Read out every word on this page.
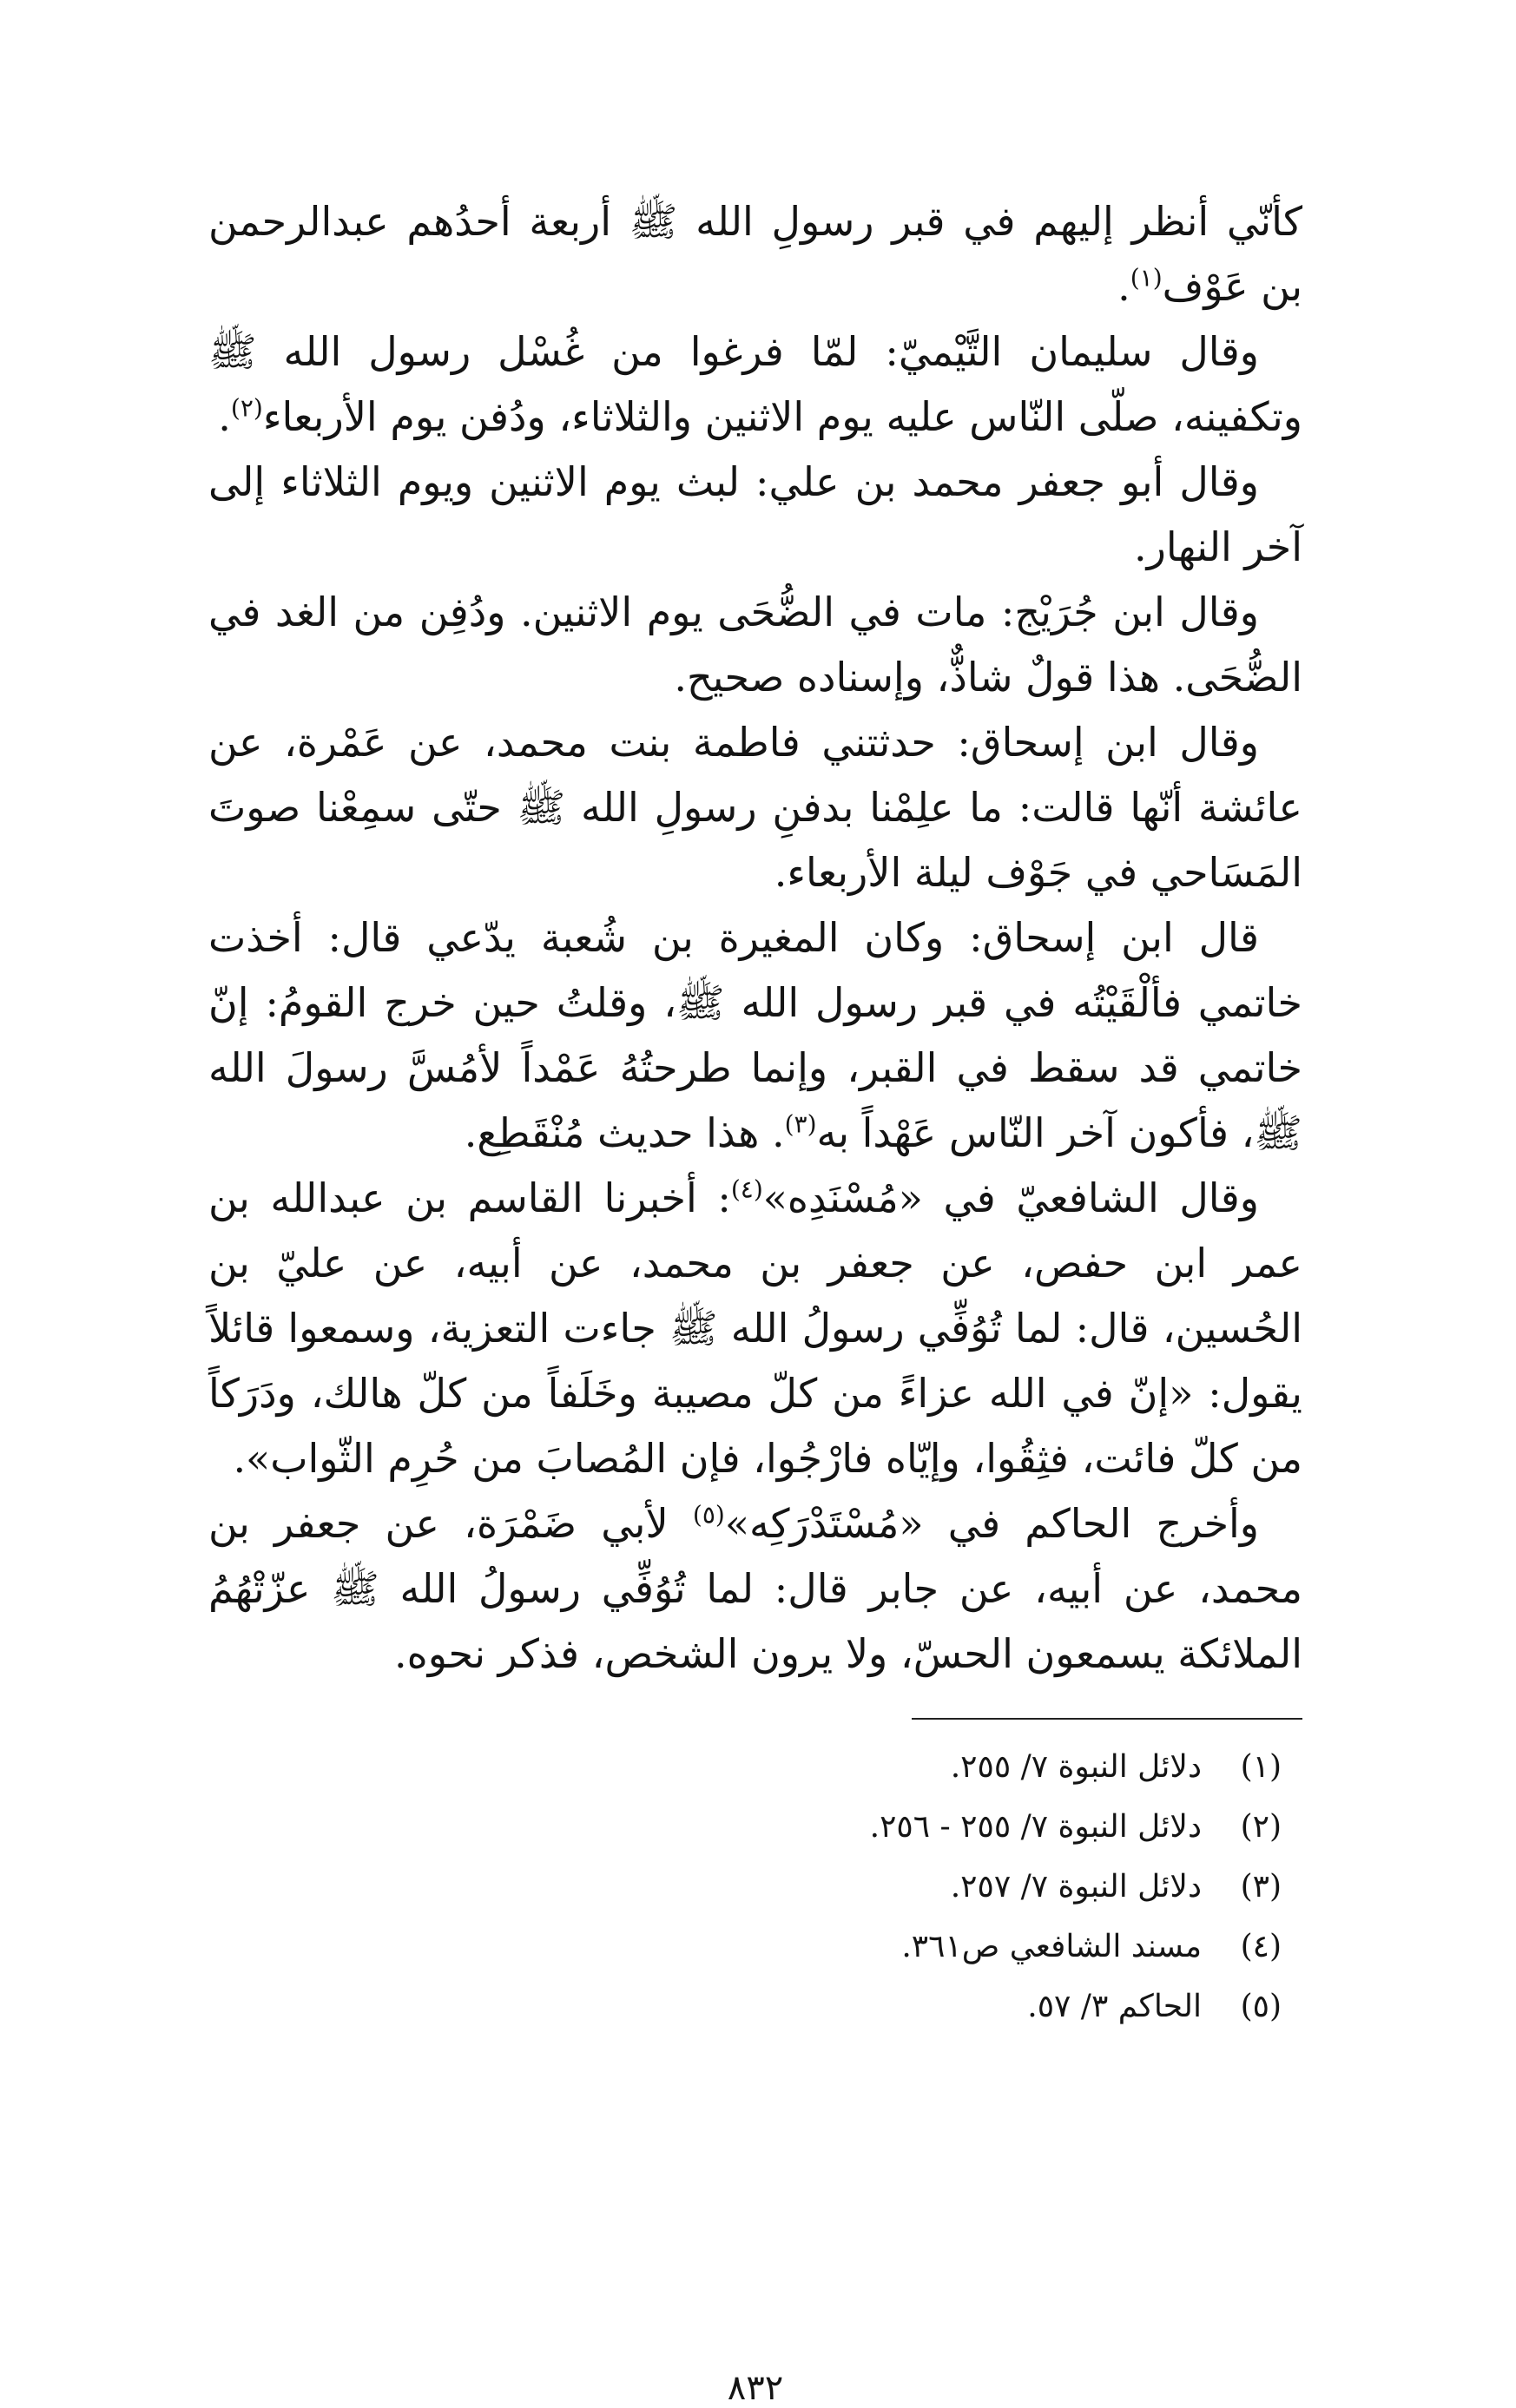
كأنّي أنظر إليهم في قبر رسولِ الله ﷺ أربعة أحدُهم عبدالرحمن بن عَوْف$^{(١)}$.

وقال سليمان التَّيْميّ: لمّا فرغوا من غُسْل رسول الله ﷺ وتكفينه، صلّى النّاس عليه يوم الاثنين والثلاثاء، ودُفن يوم الأربعاء$^{(٢)}$.

وقال أبو جعفر محمد بن علي: لبث يوم الاثنين ويوم الثلاثاء إلى آخر النهار.

وقال ابن جُرَيْج: مات في الضُّحَى يوم الاثنين. ودُفِن من الغد في الضُّحَى. هذا قولٌ شاذٌّ، وإسناده صحيح.

وقال ابن إسحاق: حدثتني فاطمة بنت محمد، عن عَمْرة، عن عائشة أنّها قالت: ما علِمْنا بدفنِ رسولِ الله ﷺ حتّى سمِعْنا صوتَ المَسَاحي في جَوْف ليلة الأربعاء.

قال ابن إسحاق: وكان المغيرة بن شُعبة يدّعي قال: أخذت خاتمي فألْقَيْتُه في قبر رسول الله ﷺ، وقلتُ حين خرج القومُ: إنّ خاتمي قد سقط في القبر، وإنما طرحتُهُ عَمْداً لأمُسَّ رسولَ الله ﷺ، فأكون آخر النّاس عَهْداً به$^{(٣)}$. هذا حديث مُنْقَطِع.

وقال الشافعيّ في «مُسْنَدِه»$^{(٤)}$: أخبرنا القاسم بن عبدالله بن عمر ابن حفص، عن جعفر بن محمد، عن أبيه، عن عليّ بن الحُسين، قال: لما تُوُفِّي رسولُ الله ﷺ جاءت التعزية، وسمعوا قائلاً يقول: «إنّ في الله عزاءً من كلّ مصيبة وخَلَفاً من كلّ هالك، ودَرَكاً من كلّ فائت، فثِقُوا، وإيّاه فارْجُوا، فإن المُصابَ من حُرِم الثّواب».

وأخرج الحاكم في «مُسْتَدْرَكِه»$^{(٥)}$ لأبي ضَمْرَة، عن جعفر بن محمد، عن أبيه، عن جابر قال: لما تُوُفِّي رسولُ الله ﷺ عزّتْهُمُ الملائكة يسمعون الحسّ، ولا يرون الشخص، فذكر نحوه.

(١)
دلائل النبوة ٧/ ٢٥٥.
(٢)
دلائل النبوة ٧/ ٢٥٥ - ٢٥٦.
(٣)
دلائل النبوة ٧/ ٢٥٧.
(٤)
مسند الشافعي ص٣٦١.
(٥)
الحاكم ٣/ ٥٧.
٨٣٢
